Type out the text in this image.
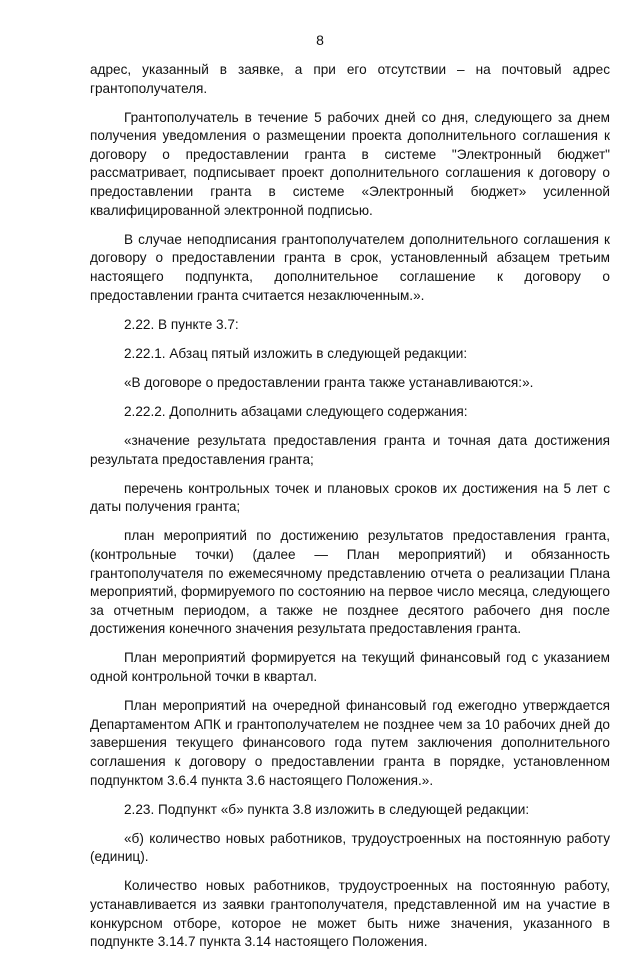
8

адрес, указанный в заявке, а при его отсутствии – на почтовый адрес грантополучателя.

Грантополучатель в течение 5 рабочих дней со дня, следующего за днем получения уведомления о размещении проекта дополнительного соглашения к договору о предоставлении гранта в системе "Электронный бюджет" рассматривает, подписывает проект дополнительного соглашения к договору о предоставлении гранта в системе «Электронный бюджет» усиленной квалифицированной электронной подписью.

В случае неподписания грантополучателем дополнительного соглашения к договору о предоставлении гранта в срок, установленный абзацем третьим настоящего подпункта, дополнительное соглашение к договору о предоставлении гранта считается незаключенным.».

2.22. В пункте 3.7:

2.22.1. Абзац пятый изложить в следующей редакции:

«В договоре о предоставлении гранта также устанавливаются:».

2.22.2. Дополнить абзацами следующего содержания:

«значение результата предоставления гранта и точная дата достижения результата предоставления гранта;

перечень контрольных точек и плановых сроков их достижения на 5 лет с даты получения гранта;

план мероприятий по достижению результатов предоставления гранта, (контрольные точки) (далее — План мероприятий) и обязанность грантополучателя по ежемесячному представлению отчета о реализации Плана мероприятий, формируемого по состоянию на первое число месяца, следующего за отчетным периодом, а также не позднее десятого рабочего дня после достижения конечного значения результата предоставления гранта.

План мероприятий формируется на текущий финансовый год с указанием одной контрольной точки в квартал.

План мероприятий на очередной финансовый год ежегодно утверждается Департаментом АПК и грантополучателем не позднее чем за 10 рабочих дней до завершения текущего финансового года путем заключения дополнительного соглашения к договору о предоставлении гранта в порядке, установленном подпунктом 3.6.4 пункта 3.6 настоящего Положения.».

2.23. Подпункт «б» пункта 3.8 изложить в следующей редакции:

«б) количество новых работников, трудоустроенных на постоянную работу (единиц).

Количество новых работников, трудоустроенных на постоянную работу, устанавливается из заявки грантополучателя, представленной им на участие в конкурсном отборе, которое не может быть ниже значения, указанного в подпункте 3.14.7 пункта 3.14 настоящего Положения.
